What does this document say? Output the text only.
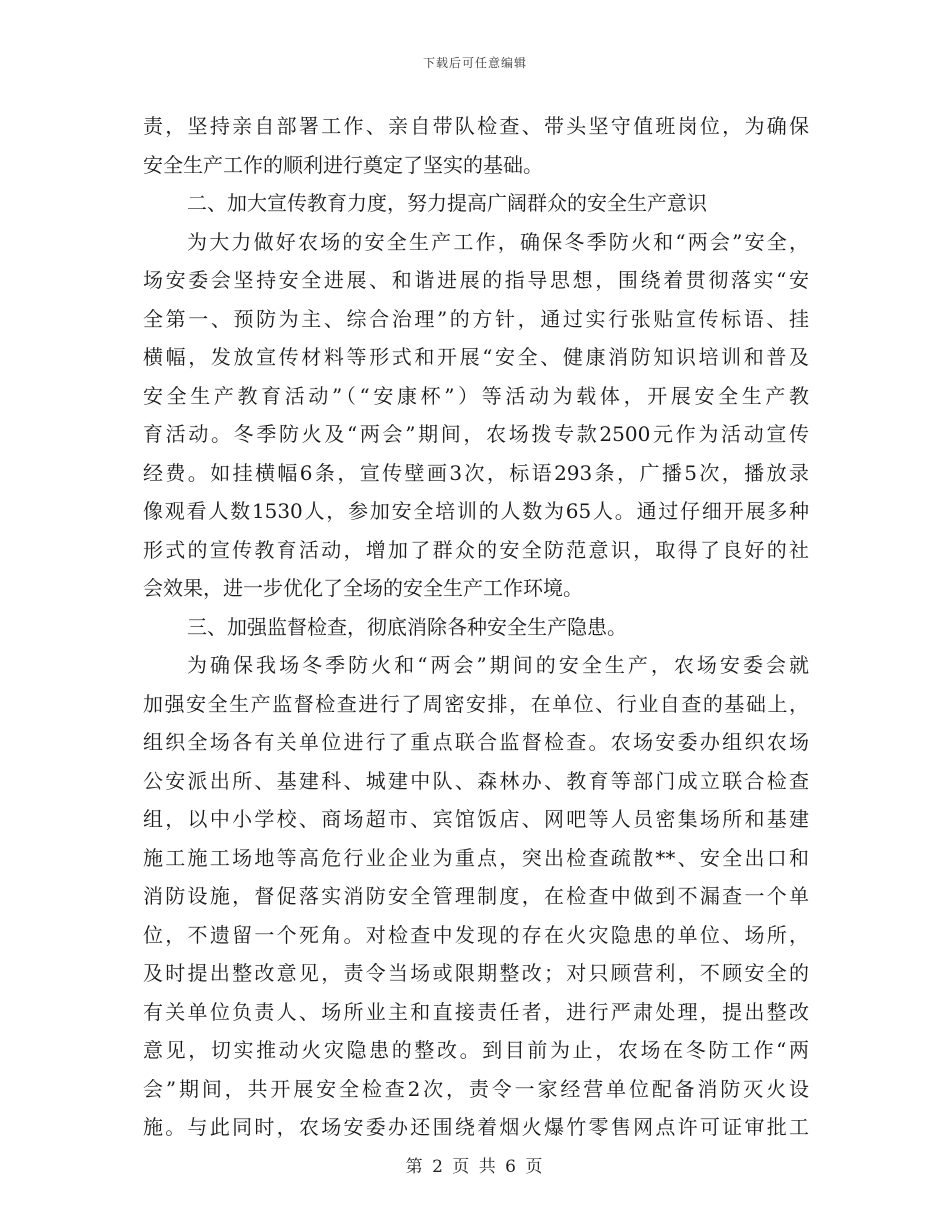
下载后可任意编辑
责，坚持亲自部署工作、亲自带队检查、带头坚守值班岗位，为确保
安全生产工作的顺利进行奠定了坚实的基础。
二、加大宣传教育力度，努力提高广阔群众的安全生产意识
为大力做好农场的安全生产工作，确保冬季防火和“两会”安全，
场安委会坚持安全进展、和谐进展的指导思想，围绕着贯彻落实“安
全第一、预防为主、综合治理”的方针，通过实行张贴宣传标语、挂
横幅，发放宣传材料等形式和开展“安全、健康消防知识培训和普及
安全生产教育活动”（“安康杯”）等活动为载体，开展安全生产教
育活动。冬季防火及“两会”期间，农场拨专款2500元作为活动宣传
经费。如挂横幅6条，宣传壁画3次，标语293条，广播5次，播放录
像观看人数1530人，参加安全培训的人数为65人。通过仔细开展多种
形式的宣传教育活动，增加了群众的安全防范意识，取得了良好的社
会效果，进一步优化了全场的安全生产工作环境。
三、加强监督检查，彻底消除各种安全生产隐患。
为确保我场冬季防火和“两会”期间的安全生产，农场安委会就
加强安全生产监督检查进行了周密安排，在单位、行业自查的基础上，
组织全场各有关单位进行了重点联合监督检查。农场安委办组织农场
公安派出所、基建科、城建中队、森林办、教育等部门成立联合检查
组，以中小学校、商场超市、宾馆饭店、网吧等人员密集场所和基建
施工施工场地等高危行业企业为重点，突出检查疏散**、安全出口和
消防设施，督促落实消防安全管理制度，在检查中做到不漏查一个单
位，不遗留一个死角。对检查中发现的存在火灾隐患的单位、场所，
及时提出整改意见，责令当场或限期整改；对只顾营利，不顾安全的
有关单位负责人、场所业主和直接责任者，进行严肃处理，提出整改
意见，切实推动火灾隐患的整改。到目前为止，农场在冬防工作“两
会”期间，共开展安全检查2次，责令一家经营单位配备消防灭火设
施。与此同时，农场安委办还围绕着烟火爆竹零售网点许可证审批工
第 2 页 共 6 页
